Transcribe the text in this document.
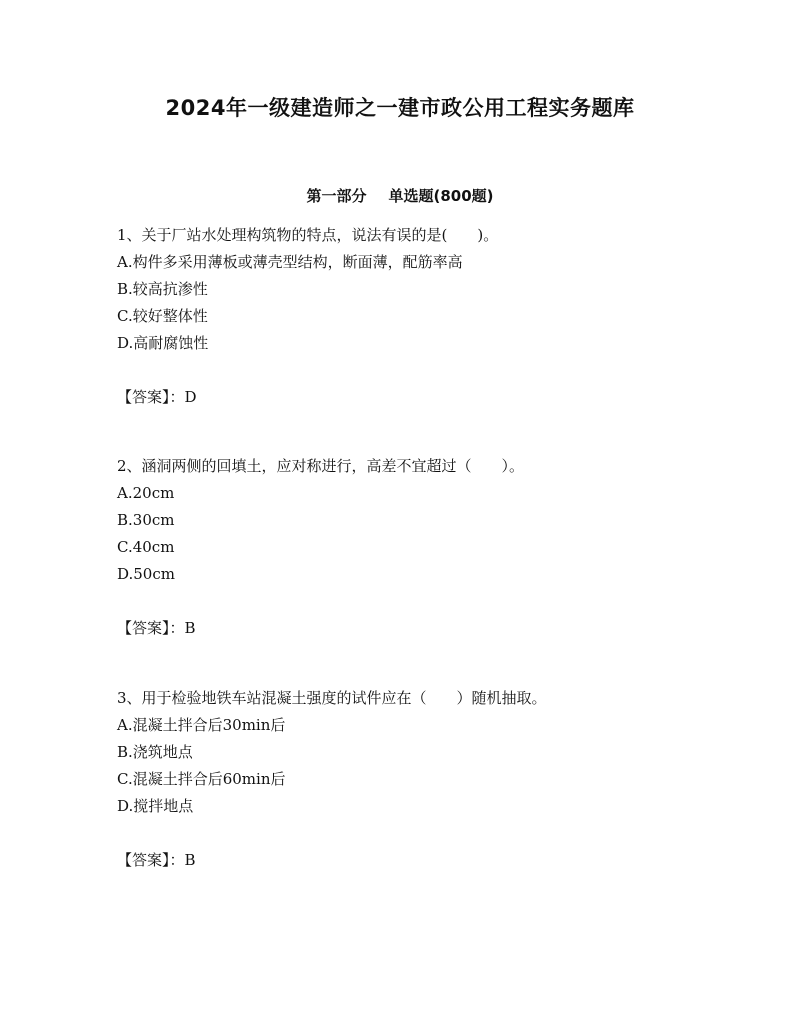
2024年一级建造师之一建市政公用工程实务题库
第一部分 单选题(800题)
1、关于厂站水处理构筑物的特点，说法有误的是(　　)。
A.构件多采用薄板或薄壳型结构，断面薄，配筋率高
B.较高抗渗性
C.较好整体性
D.高耐腐蚀性
【答案】：D
2、涵洞两侧的回填土，应对称进行，高差不宜超过（　　）。
A.20cm
B.30cm
C.40cm
D.50cm
【答案】：B
3、用于检验地铁车站混凝土强度的试件应在（　　）随机抽取。
A.混凝土拌合后30min后
B.浇筑地点
C.混凝土拌合后60min后
D.搅拌地点
【答案】：B
